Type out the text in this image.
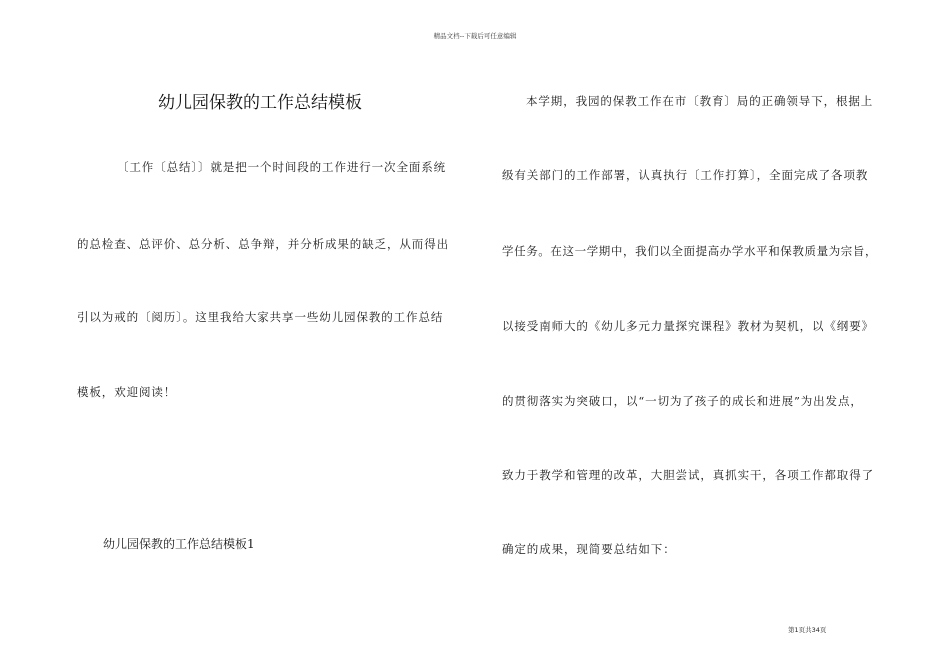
精品文档--下载后可任意编辑
幼儿园保教的工作总结模板
〔工作〔总结〕〕就是把一个时间段的工作进行一次全面系统
的总检查、总评价、总分析、总争辩，并分析成果的缺乏，从而得出
引以为戒的〔阅历〕。这里我给大家共享一些幼儿园保教的工作总结
模板，欢迎阅读！
幼儿园保教的工作总结模板1
本学期，我园的保教工作在市〔教育〕局的正确领导下，根据上
级有关部门的工作部署，认真执行〔工作打算〕，全面完成了各项教
学任务。在这一学期中，我们以全面提高办学水平和保教质量为宗旨，
以接受南师大的《幼儿多元力量探究课程》教材为契机，以《纲要》
的贯彻落实为突破口，以“一切为了孩子的成长和进展”为出发点，
致力于教学和管理的改革，大胆尝试，真抓实干，各项工作都取得了
确定的成果，现简要总结如下：
第1页共34页
